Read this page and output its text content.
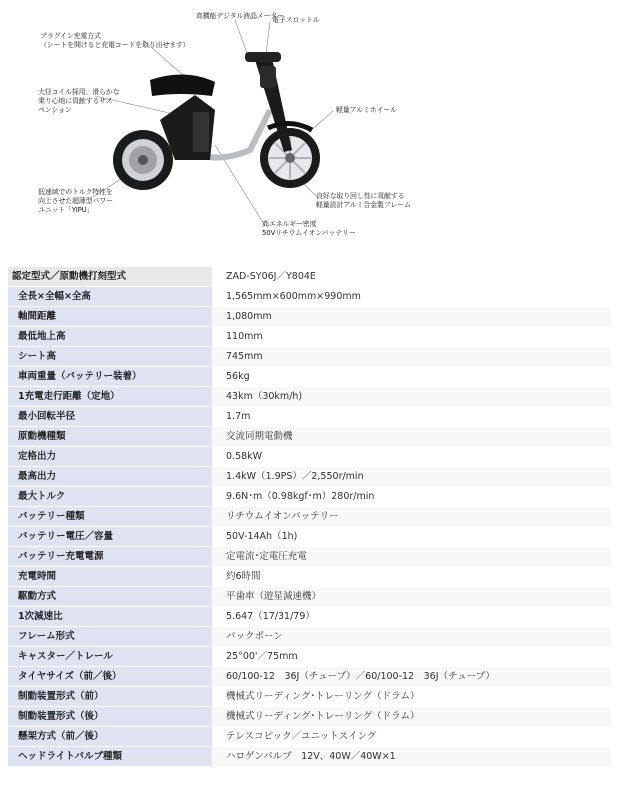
高機能デジタル液晶メーター
電子スロットル
プラグイン充電方式
（シートを開けると充電コードを取り出せます）
軽量アルミホイール
大径コイル採用、滑らかな
乗り心地に貢献するサス
ペンション
低速域でのトルク特性を
向上させた超薄型パワー
ユニット「YIPU」
良好な取り回し性に貢献する
軽量設計アルミ合金製フレーム
高エネルギー密度
50Vリチウムイオンバッテリー
認定型式／原動機打刻型式	ZAD-SY06J／Y804E
全長×全幅×全高	1,565mm×600mm×990mm
軸間距離	1,080mm
最低地上高	110mm
シート高	745mm
車両重量（バッテリー装着）	56kg
1充電走行距離（定地）	43km（30km/h)
最小回転半径	1.7m
原動機種類	交流同期電動機
定格出力	0.58kW
最高出力	1.4kW（1.9PS）／2,550r/min
最大トルク	9.6N･m（0.98kgf･m）280r/min
バッテリー種類	リチウムイオンバッテリー
バッテリー電圧／容量	50V-14Ah（1h)
バッテリー充電電源	定電流･定電圧充電
充電時間	約6時間
駆動方式	平歯車（遊星減速機）
1次減速比	5.647（17/31/79）
フレーム形式	バックボーン
キャスター／トレール	25°00'／75mm
タイヤサイズ（前／後）	60/100-12　36J（チューブ）／60/100-12　36J（チューブ）
制動装置形式（前）	機械式リーディング･トレーリング（ドラム）
制動装置形式（後）	機械式リーディング･トレーリング（ドラム）
懸架方式（前／後）	テレスコピック／ユニットスイング
ヘッドライトバルブ種類	ハロゲンバルブ　12V、40W／40W×1
